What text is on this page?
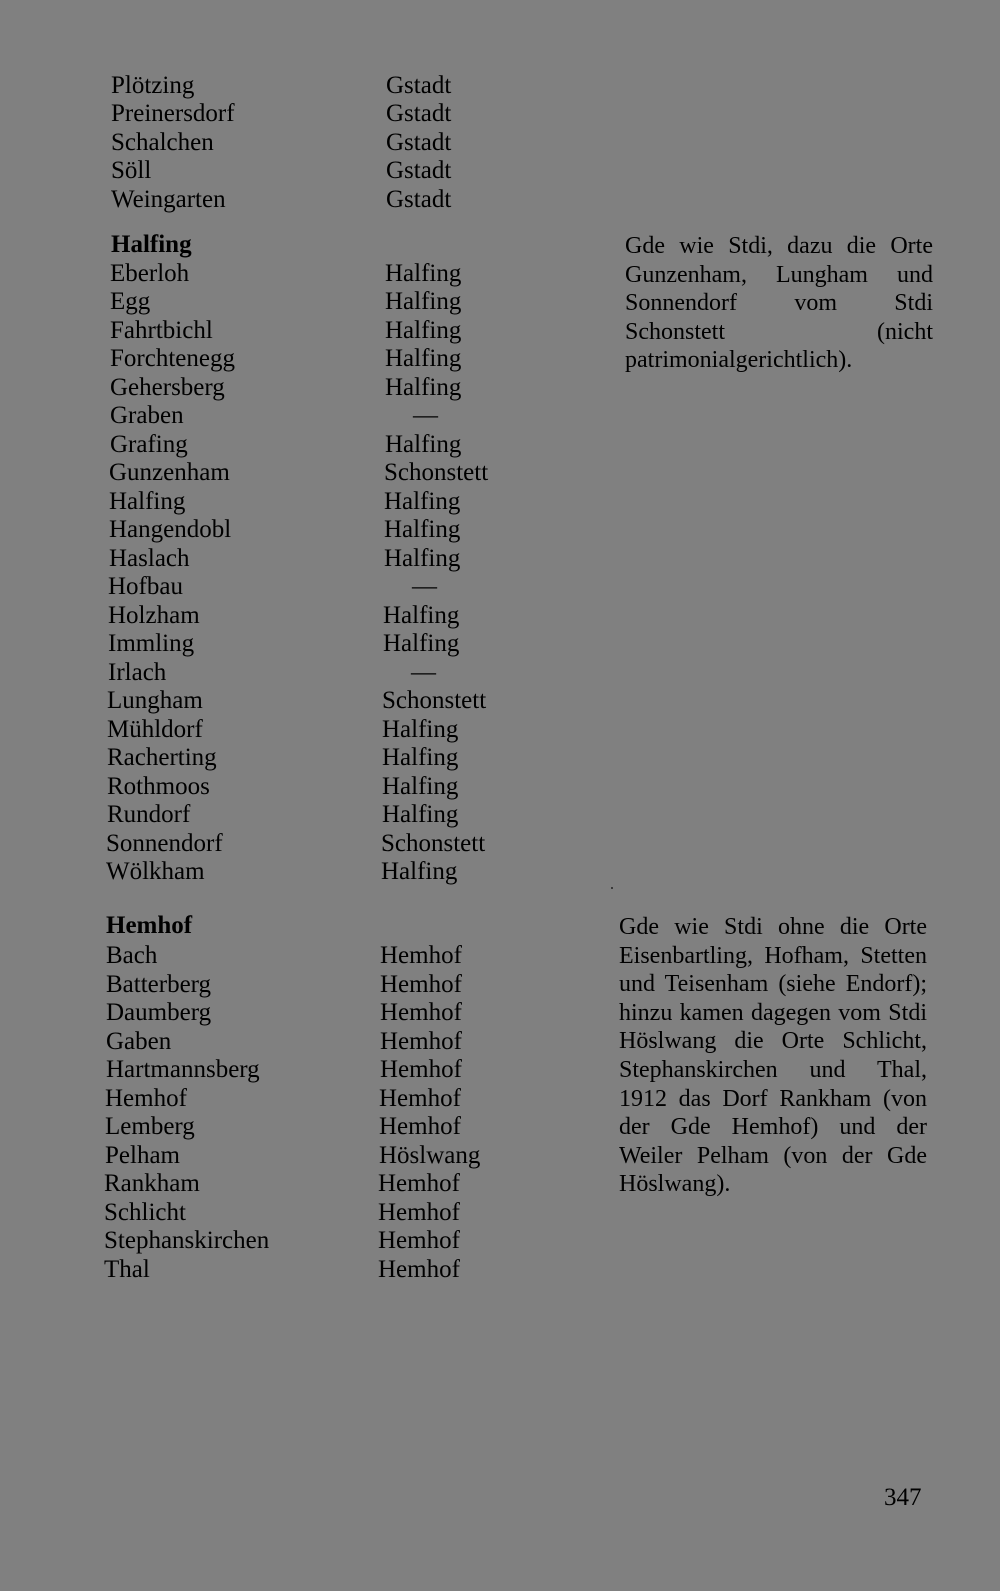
Plötzing	Gstadt
Preinersdorf	Gstadt
Schalchen	Gstadt
Söll	Gstadt
Weingarten	Gstadt
Halfing
Eberloh	Halfing
Egg	Halfing
Fahrtbichl	Halfing
Forchtenegg	Halfing
Gehersberg	Halfing
Graben	—
Grafing	Halfing
Gunzenham	Schonstett
Halfing	Halfing
Hangendobl	Halfing
Haslach	Halfing
Hofbau	—
Holzham	Halfing
Immling	Halfing
Irlach	—
Lungham	Schonstett
Mühldorf	Halfing
Racherting	Halfing
Rothmoos	Halfing
Rundorf	Halfing
Sonnendorf	Schonstett
Wölkham	Halfing
Gde wie Stdi, dazu die Orte Gunzenham, Lungham und Sonnendorf vom Stdi Schonstett (nicht patrimonialgerichtlich).
Hemhof
Bach	Hemhof
Batterberg	Hemhof
Daumberg	Hemhof
Gaben	Hemhof
Hartmannsberg	Hemhof
Hemhof	Hemhof
Lemberg	Hemhof
Pelham	Höslwang
Rankham	Hemhof
Schlicht	Hemhof
Stephanskirchen	Hemhof
Thal	Hemhof
Gde wie Stdi ohne die Orte Eisenbartling, Hofham, Stetten und Teisenham (siehe Endorf); hinzu kamen dagegen vom Stdi Höslwang die Orte Schlicht, Stephanskirchen und Thal, 1912 das Dorf Rankham (von der Gde Hemhof) und der Weiler Pelham (von der Gde Höslwang).
347
